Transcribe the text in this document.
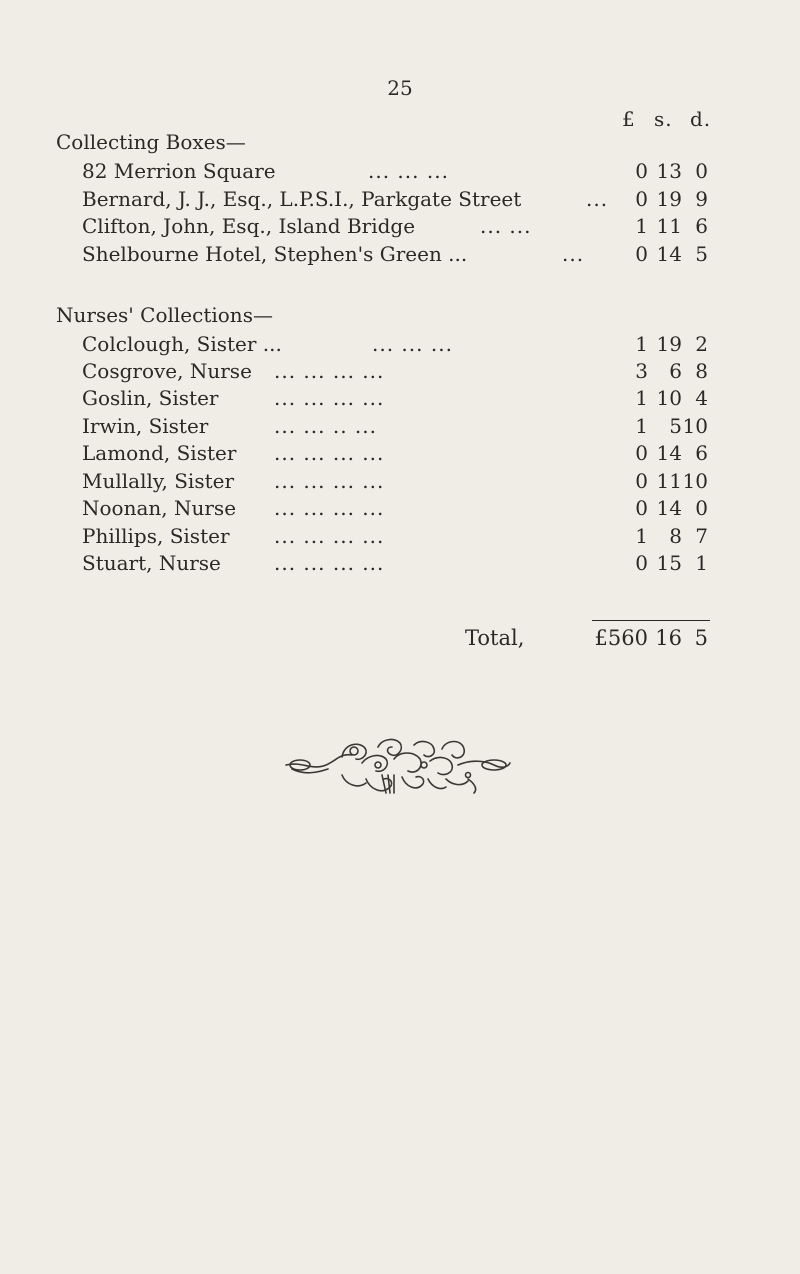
25
£ s. d.
Collecting Boxes—
82 Merrion Square	... ... ...	0 13 0
Bernard, J. J., Esq., L.P.S.I., Parkgate Street	...	0 19 9
Clifton, John, Esq., Island Bridge	... ...	1 11 6
Shelbourne Hotel, Stephen's Green ...	...	0 14 5
Nurses' Collections—
Colclough, Sister ...	... ... ...	1 19 2
Cosgrove, Nurse ... ... ... ...	3	6 8
Goslin, Sister	... ... ... ...	1 10 4
Irwin, Sister	... ... .. ...	1	5 10
Lamond, Sister ... ... ... ...	0 14 6
Mullally, Sister ... ... ... ...	0 11 10
Noonan, Nurse ... ... ... ...	0 14 0
Phillips, Sister ... ... ... ...	1	8 7
Stuart, Nurse	... ... ... ...	0 15 1
Total,	£560 16 5
